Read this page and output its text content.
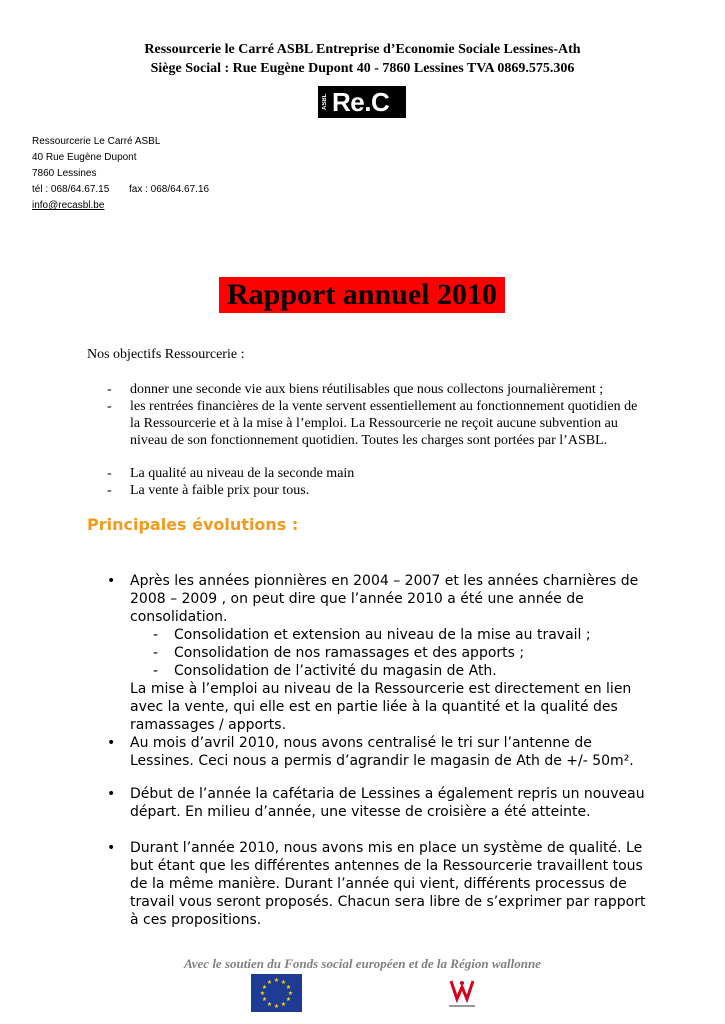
Ressourcerie le Carré ASBL Entreprise d’Economie Sociale Lessines-Ath
Siège Social : Rue Eugène Dupont 40 - 7860 Lessines TVA 0869.575.306
ASBL Re.C
Ressourcerie Le Carré ASBL
40 Rue Eugène Dupont
7860 Lessines
tél : 068/64.67.15 fax : 068/64.67.16
info@recasbl.be
Rapport annuel 2010
Nos objectifs Ressourcerie :
- donner une seconde vie aux biens réutilisables que nous collectons journalièrement ;
- les rentrées financières de la vente servent essentiellement au fonctionnement quotidien de la Ressourcerie et à la mise à l’emploi. La Ressourcerie ne reçoit aucune subvention au niveau de son fonctionnement quotidien. Toutes les charges sont portées par l’ASBL.
- La qualité au niveau de la seconde main
- La vente à faible prix pour tous.
Principales évolutions :
• Après les années pionnières en 2004 – 2007 et les années charnières de 2008 – 2009 , on peut dire que l’année 2010 a été une année de consolidation.
- Consolidation et extension au niveau de la mise au travail ;
- Consolidation de nos ramassages et des apports ;
- Consolidation de l’activité du magasin de Ath.
La mise à l’emploi au niveau de la Ressourcerie est directement en lien avec la vente, qui elle est en partie liée à la quantité et la qualité des ramassages / apports.
• Au mois d’avril 2010, nous avons centralisé le tri sur l’antenne de Lessines. Ceci nous a permis d’agrandir le magasin de Ath de +/- 50m².
• Début de l’année la cafétaria de Lessines a également repris un nouveau départ. En milieu d’année, une vitesse de croisière a été atteinte.
• Durant l’année 2010, nous avons mis en place un système de qualité. Le but étant que les différentes antennes de la Ressourcerie travaillent tous de la même manière. Durant l’année qui vient, différents processus de travail vous seront proposés. Chacun sera libre de s’exprimer par rapport à ces propositions.
Avec le soutien du Fonds social européen et de la Région wallonne
★ ★
★
★
★
★
★
★
★
★
★
★
